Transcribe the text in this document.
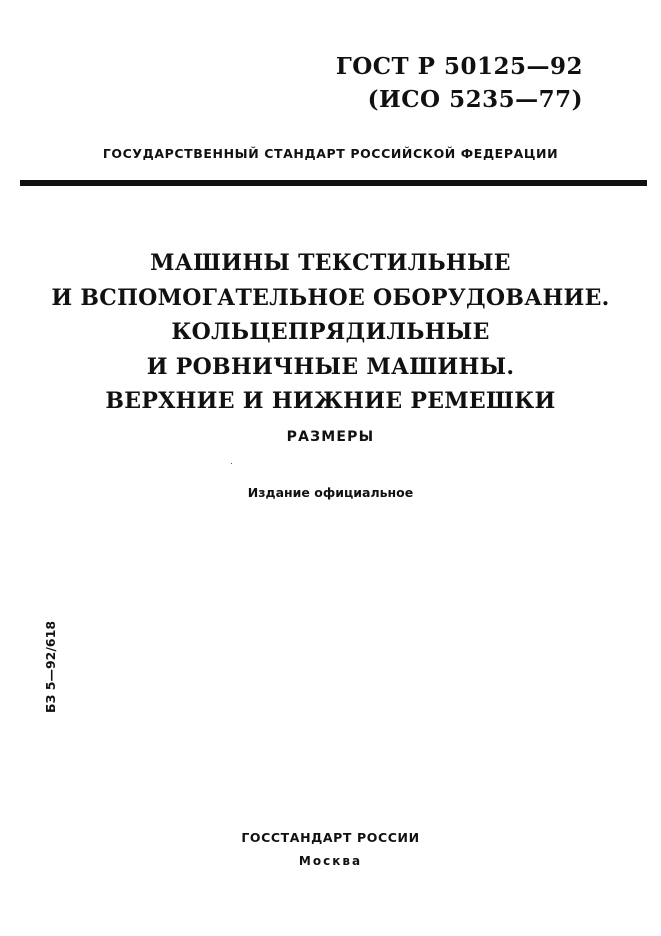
ГОСТ Р 50125—92
(ИСО 5235—77)
ГОСУДАРСТВЕННЫЙ СТАНДАРТ РОССИЙСКОЙ ФЕДЕРАЦИИ
МАШИНЫ ТЕКСТИЛЬНЫЕ
И ВСПОМОГАТЕЛЬНОЕ ОБОРУДОВАНИЕ.
КОЛЬЦЕПРЯДИЛЬНЫЕ
И РОВНИЧНЫЕ МАШИНЫ.
ВЕРХНИЕ И НИЖНИЕ РЕМЕШКИ
РАЗМЕРЫ
Издание официальное
БЗ 5—92/618
ГОССТАНДАРТ РОССИИ
Москва
